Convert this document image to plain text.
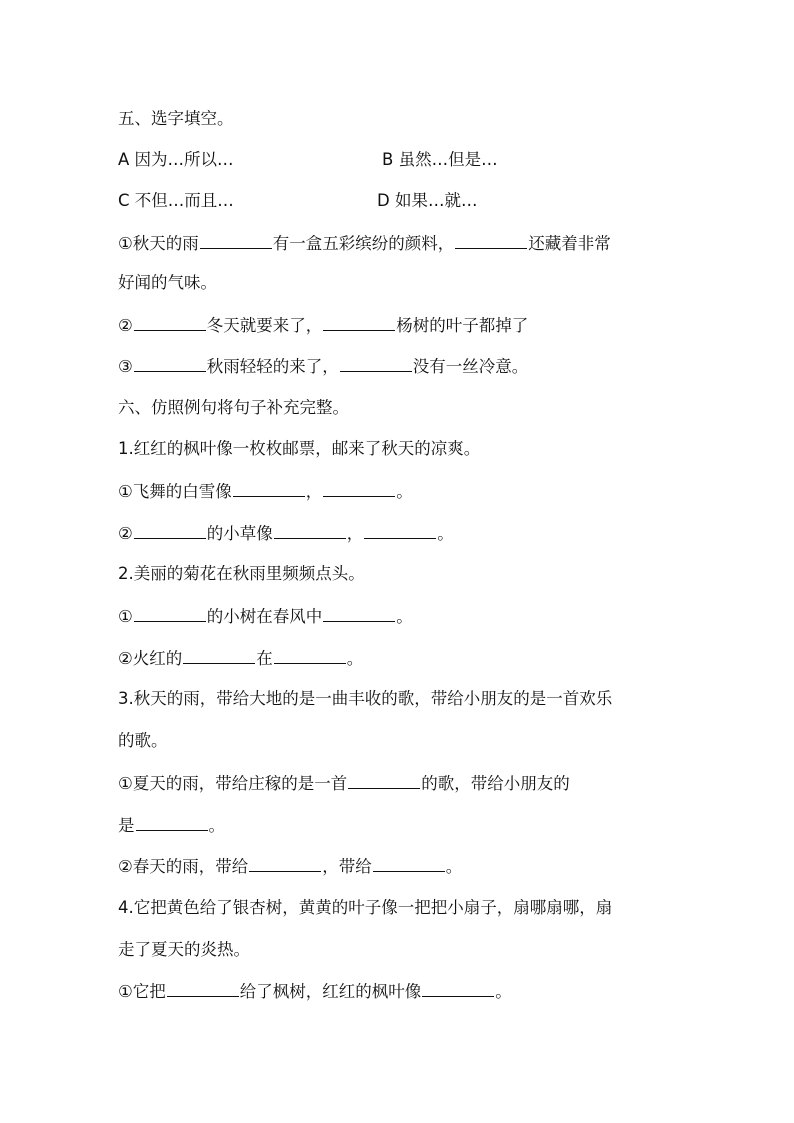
五、选字填空。
A 因为…所以…	B 虽然…但是…
C 不但…而且…	D 如果…就…
①秋天的雨	有一盒五彩缤纷的颜料，	还藏着非常
好闻的气味。
②	冬天就要来了，	杨树的叶子都掉了
③	秋雨轻轻的来了，	没有一丝冷意。
六、仿照例句将句子补充完整。
1.红红的枫叶像一枚枚邮票，邮来了秋天的凉爽。
①飞舞的白雪像	，	。
②	的小草像	，	。
2.美丽的菊花在秋雨里频频点头。
①	的小树在春风中	。
②火红的	在	。
3.秋天的雨，带给大地的是一曲丰收的歌，带给小朋友的是一首欢乐
的歌。
①夏天的雨，带给庄稼的是一首	的歌，带给小朋友的
是	。
②春天的雨，带给	，带给	。
4.它把黄色给了银杏树，黄黄的叶子像一把把小扇子，扇哪扇哪，扇
走了夏天的炎热。
①它把	给了枫树，红红的枫叶像	。
